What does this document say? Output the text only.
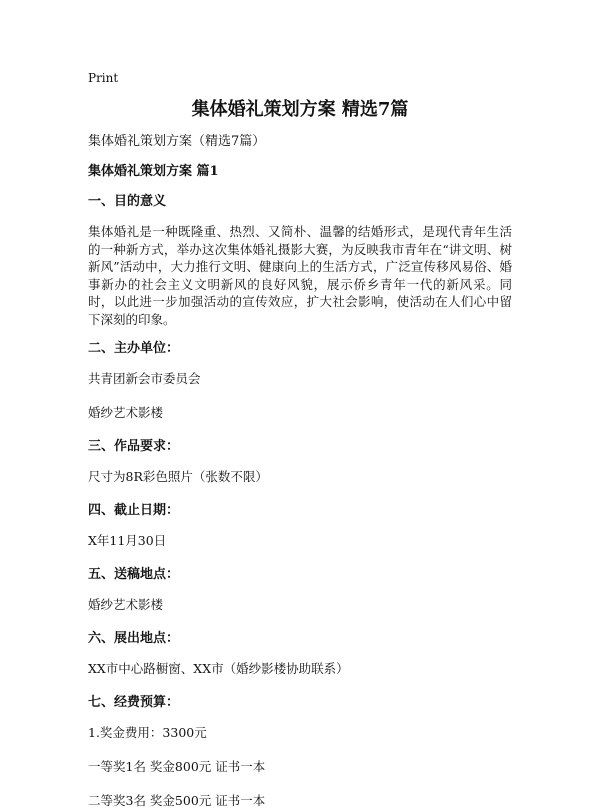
Print
集体婚礼策划方案 精选7篇
集体婚礼策划方案（精选7篇）
集体婚礼策划方案 篇1
一、目的意义
集体婚礼是一种既隆重、热烈、又简朴、温馨的结婚形式，是现代青年生活的一种新方式，举办这次集体婚礼摄影大赛，为反映我市青年在“讲文明、树新风”活动中，大力推行文明、健康向上的生活方式，广泛宣传移风易俗、婚事新办的社会主义文明新风的良好风貌，展示侨乡青年一代的新风采。同时，以此进一步加强活动的宣传效应，扩大社会影响，使活动在人们心中留下深刻的印象。
二、主办单位：
共青团新会市委员会
婚纱艺术影楼
三、作品要求：
尺寸为8R彩色照片（张数不限）
四、截止日期：
X年11月30日
五、送稿地点：
婚纱艺术影楼
六、展出地点：
XX市中心路橱窗、XX市（婚纱影楼协助联系）
七、经费预算：
1.奖金费用：3300元
一等奖1名 奖金800元 证书一本
二等奖3名 奖金500元 证书一本
